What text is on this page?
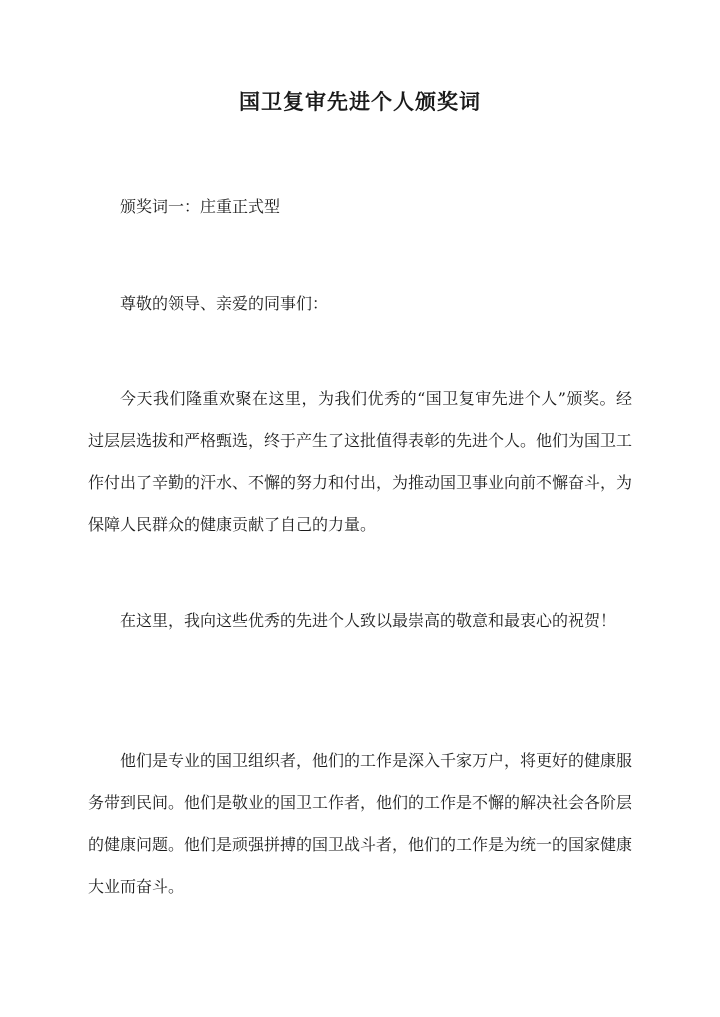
国卫复审先进个人颁奖词

颁奖词一：庄重正式型

尊敬的领导、亲爱的同事们：

今天我们隆重欢聚在这里，为我们优秀的“国卫复审先进个人”颁奖。经过层层选拔和严格甄选，终于产生了这批值得表彰的先进个人。他们为国卫工作付出了辛勤的汗水、不懈的努力和付出，为推动国卫事业向前不懈奋斗，为保障人民群众的健康贡献了自己的力量。

在这里，我向这些优秀的先进个人致以最崇高的敬意和最衷心的祝贺！

他们是专业的国卫组织者，他们的工作是深入千家万户，将更好的健康服务带到民间。他们是敬业的国卫工作者，他们的工作是不懈的解决社会各阶层的健康问题。他们是顽强拼搏的国卫战斗者，他们的工作是为统一的国家健康大业而奋斗。
